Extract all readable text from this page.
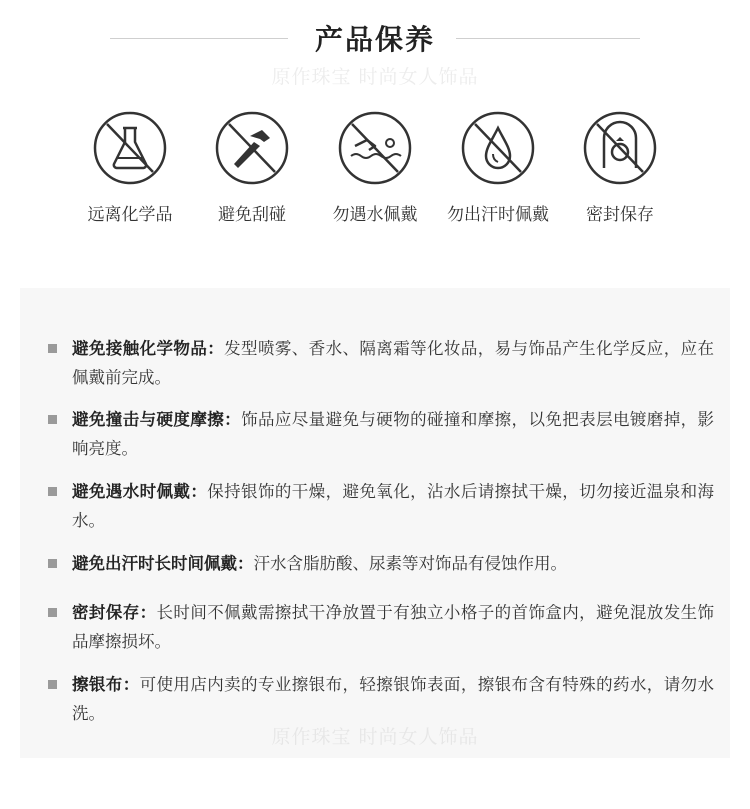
产品保养
原作珠宝 时尚女人饰品
远离化学品	避免刮碰	勿遇水佩戴	勿出汗时佩戴	密封保存
避免接触化学物品：发型喷雾、香水、隔离霜等化妆品，易与饰品产生化学反应，应在佩戴前完成。
避免撞击与硬度摩擦：饰品应尽量避免与硬物的碰撞和摩擦，以免把表层电镀磨掉，影响亮度。
避免遇水时佩戴：保持银饰的干燥，避免氧化，沾水后请擦拭干燥，切勿接近温泉和海水。
避免出汗时长时间佩戴：汗水含脂肪酸、尿素等对饰品有侵蚀作用。
密封保存：长时间不佩戴需擦拭干净放置于有独立小格子的首饰盒内，避免混放发生饰品摩擦损坏。
擦银布：可使用店内卖的专业擦银布，轻擦银饰表面，擦银布含有特殊的药水，请勿水洗。
原作珠宝 时尚女人饰品
